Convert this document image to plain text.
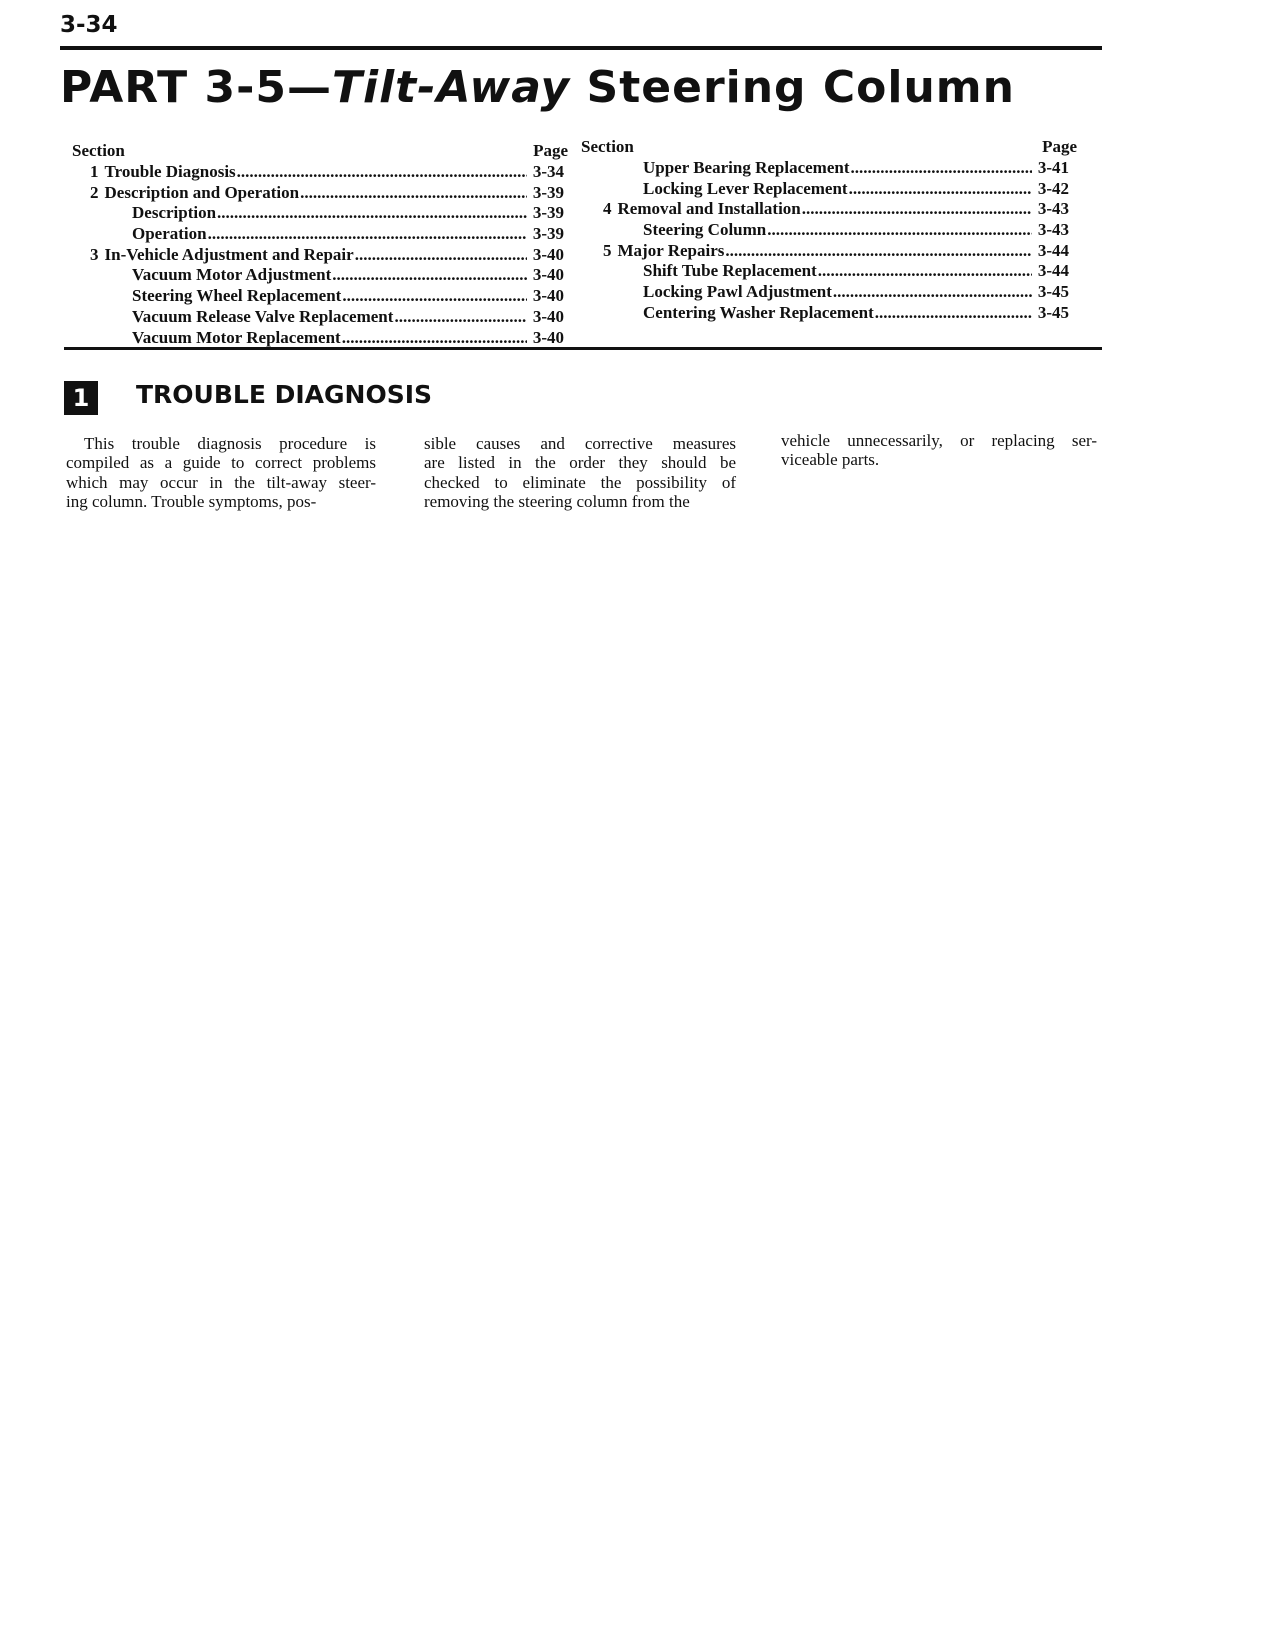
3-34
PART 3-5—Tilt-Away Steering Column
Section	Page
1 Trouble Diagnosis .....	3-34
2 Description and Operation .....	3-39
Description .....	3-39
Operation .....	3-39
3 In-Vehicle Adjustment and Repair .....	3-40
Vacuum Motor Adjustment .....	3-40
Steering Wheel Replacement .....	3-40
Vacuum Release Valve Replacement .....	3-40
Vacuum Motor Replacement .....	3-40
Section	Page
Upper Bearing Replacement .....	3-41
Locking Lever Replacement .....	3-42
4 Removal and Installation .....	3-43
Steering Column .....	3-43
5 Major Repairs .....	3-44
Shift Tube Replacement .....	3-44
Locking Pawl Adjustment .....	3-45
Centering Washer Replacement .....	3-45
1	TROUBLE DIAGNOSIS
This trouble diagnosis procedure is
compiled as a guide to correct problems
which may occur in the tilt-away steer-
ing column. Trouble symptoms, pos-
sible causes and corrective measures
are listed in the order they should be
checked to eliminate the possibility of
removing the steering column from the
vehicle unnecessarily, or replacing ser-
viceable parts.
